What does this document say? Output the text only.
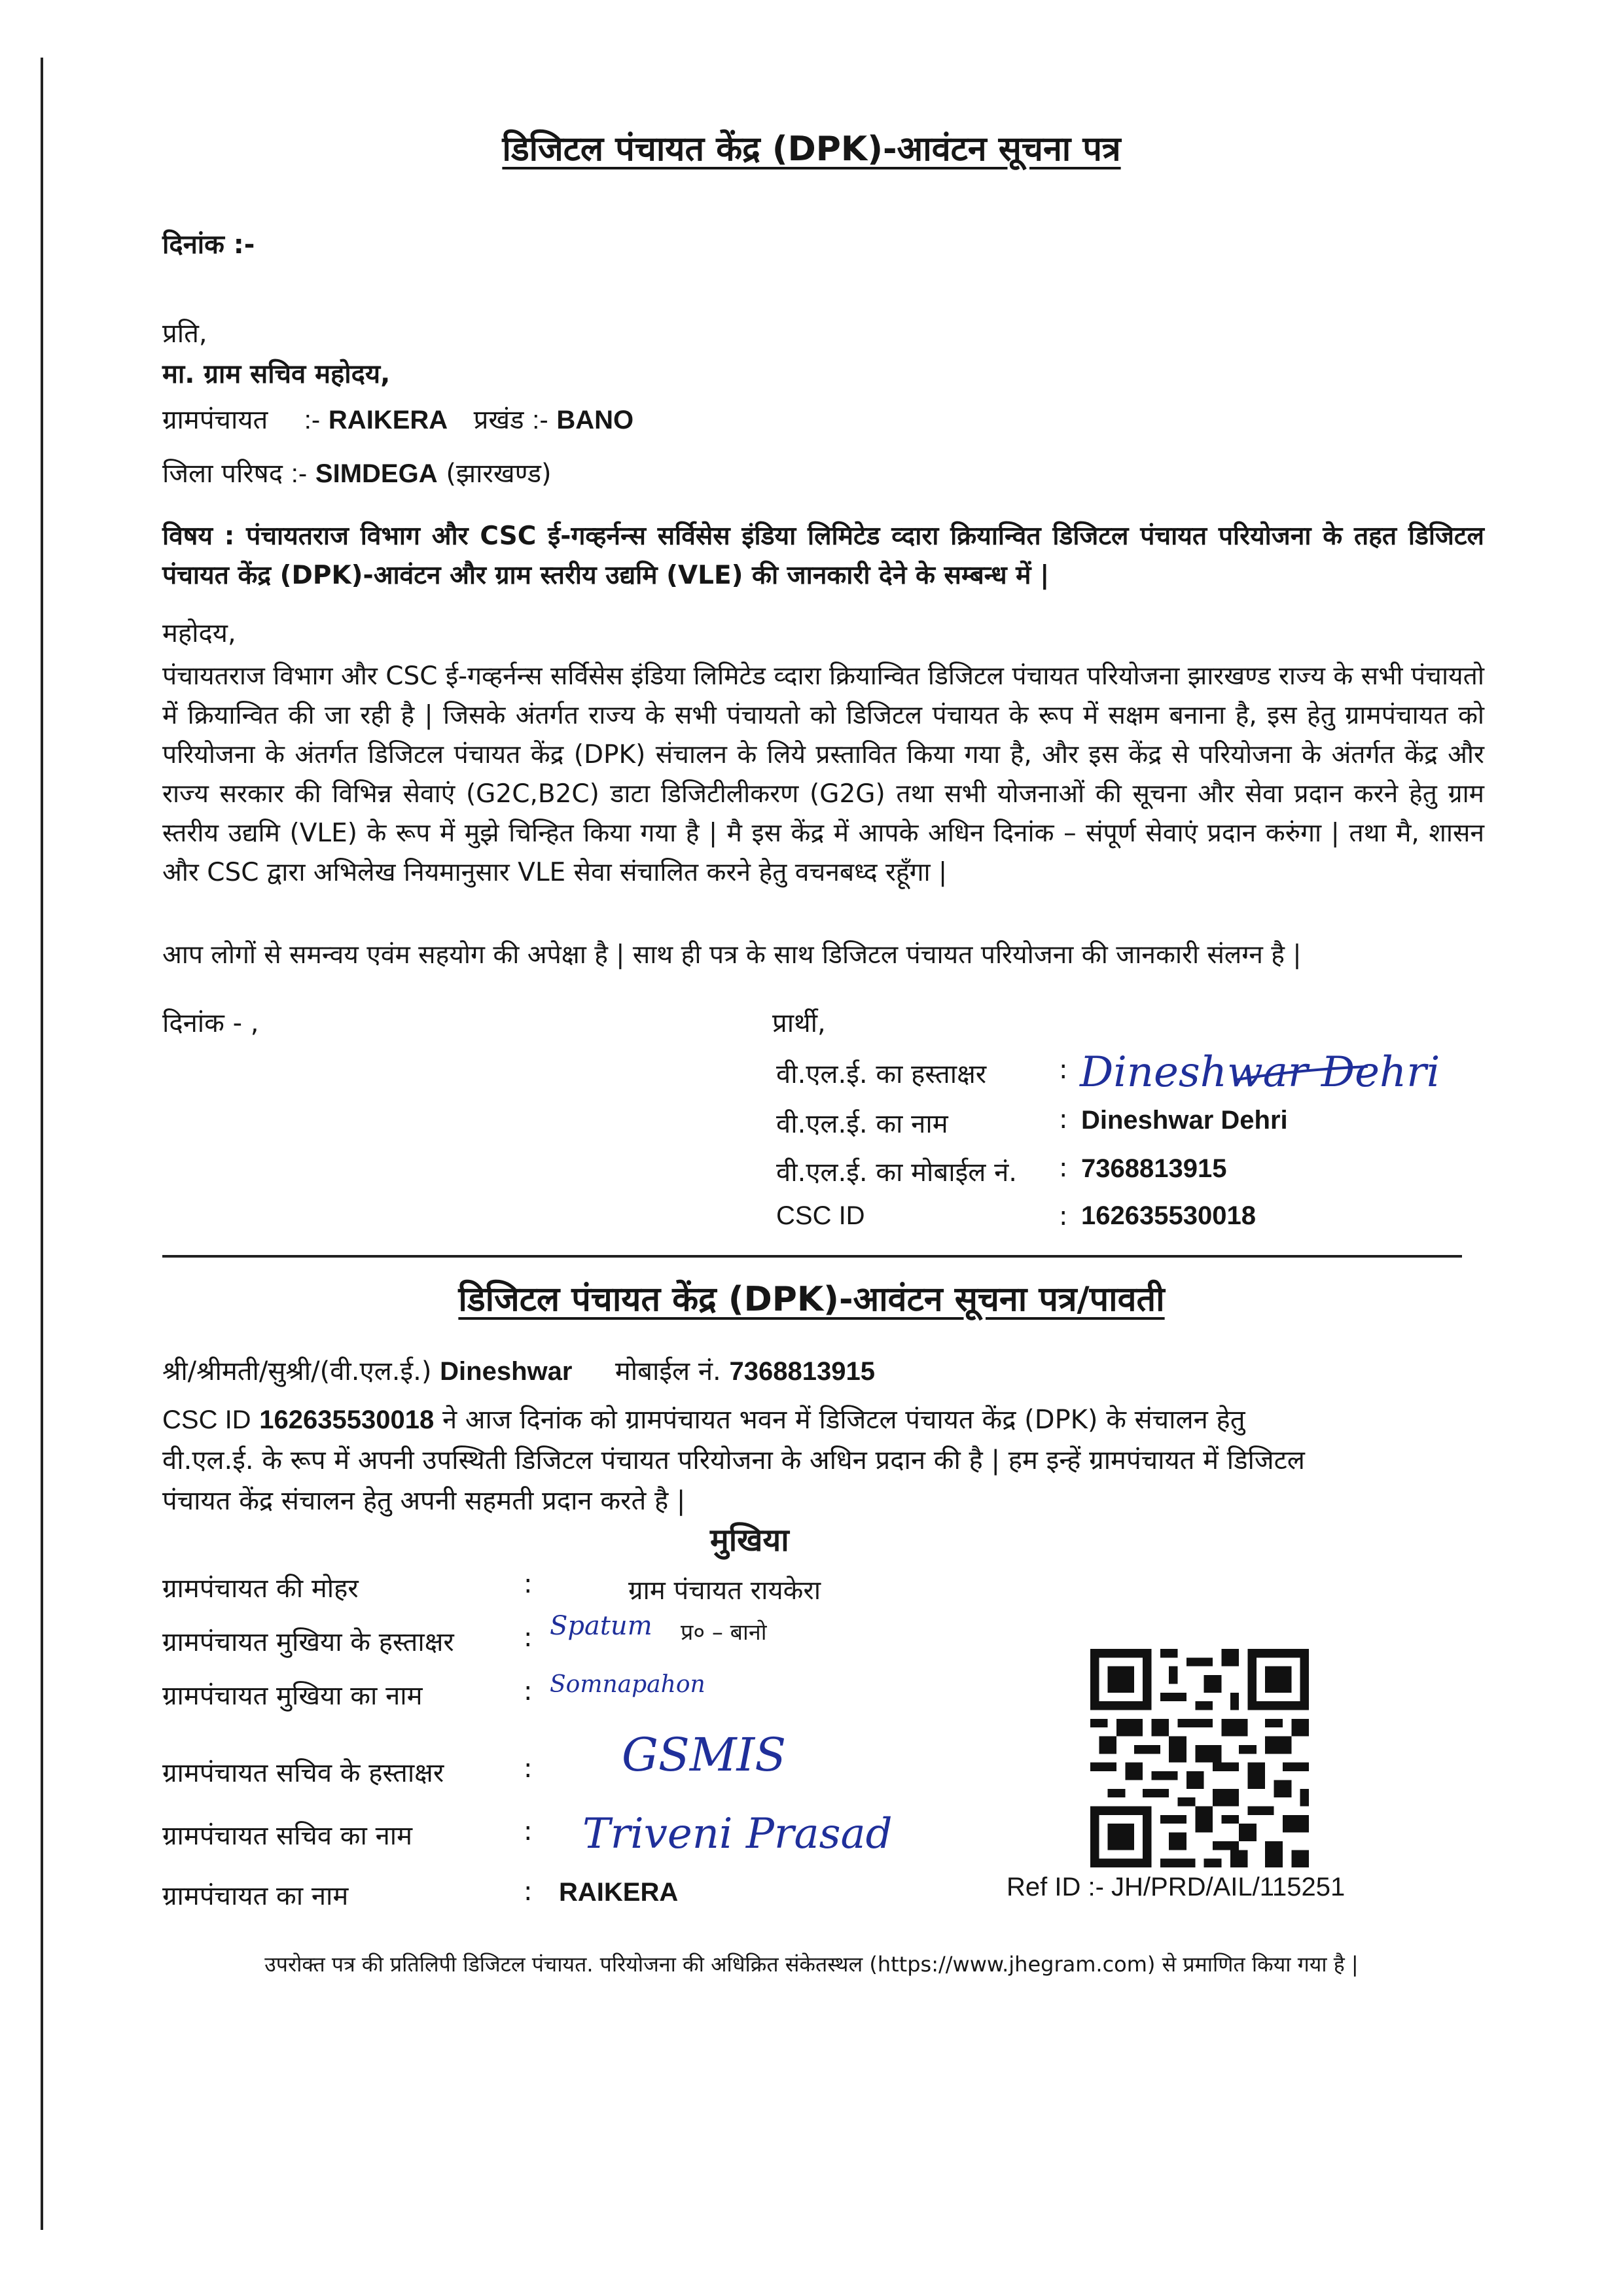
डिजिटल पंचायत केंद्र (DPK)-आवंटन सूचना पत्र
दिनांक :-
प्रति,
मा. ग्राम सचिव महोदय,
ग्रामपंचायत :- RAIKERA प्रखंड :- BANO
जिला परिषद :- SIMDEGA (झारखण्ड)
विषय : पंचायतराज विभाग और CSC ई-गव्हर्नन्स सर्विसेस इंडिया लिमिटेड व्दारा क्रियान्वित डिजिटल पंचायत परियोजना के तहत डिजिटल पंचायत केंद्र (DPK)-आवंटन और ग्राम स्तरीय उद्यमि (VLE) की जानकारी देने के सम्बन्ध में |
महोदय,
पंचायतराज विभाग और CSC ई-गव्हर्नन्स सर्विसेस इंडिया लिमिटेड व्दारा क्रियान्वित डिजिटल पंचायत परियोजना झारखण्ड राज्य के सभी पंचायतो में क्रियान्वित की जा रही है | जिसके अंतर्गत राज्य के सभी पंचायतो को डिजिटल पंचायत के रूप में सक्षम बनाना है, इस हेतु ग्रामपंचायत को परियोजना के अंतर्गत डिजिटल पंचायत केंद्र (DPK) संचालन के लिये प्रस्तावित किया गया है, और इस केंद्र से परियोजना के अंतर्गत केंद्र और राज्य सरकार की विभिन्न सेवाएं (G2C,B2C) डाटा डिजिटीलीकरण (G2G) तथा सभी योजनाओं की सूचना और सेवा प्रदान करने हेतु ग्राम स्तरीय उद्यमि (VLE) के रूप में मुझे चिन्हित किया गया है | मै इस केंद्र में आपके अधिन दिनांक – संपूर्ण सेवाएं प्रदान करुंगा | तथा मै, शासन और CSC द्वारा अभिलेख नियमानुसार VLE सेवा संचालित करने हेतु वचनबध्द रहूँगा |
आप लोगों से समन्वय एवंम सहयोग की अपेक्षा है | साथ ही पत्र के साथ डिजिटल पंचायत परियोजना की जानकारी संलग्न है |
दिनांक - ,	प्रार्थी,
वी.एल.ई. का हस्ताक्षर	: Dineshwar Dehri
वी.एल.ई. का नाम	: Dineshwar Dehri
वी.एल.ई. का मोबाईल नं. : 7368813915
CSC ID	: 162635530018
डिजिटल पंचायत केंद्र (DPK)-आवंटन सूचना पत्र/पावती
श्री/श्रीमती/सुश्री/(वी.एल.ई.) Dineshwar मोबाईल नं. 7368813915
CSC ID 162635530018 ने आज दिनांक को ग्रामपंचायत भवन में डिजिटल पंचायत केंद्र (DPK) के संचालन हेतु
वी.एल.ई. के रूप में अपनी उपस्थिती डिजिटल पंचायत परियोजना के अधिन प्रदान की है | हम इन्हें ग्रामपंचायत में डिजिटल
पंचायत केंद्र संचालन हेतु अपनी सहमती प्रदान करते है |
मुखिया
ग्राम पंचायत रायकेरा
प्र० – बानो
ग्रामपंचायत की मोहर	:
ग्रामपंचायत मुखिया के हस्ताक्षर	: Spatum
ग्रामपंचायत मुखिया का नाम	: Somnapahon
ग्रामपंचायत सचिव के हस्ताक्षर	: GSMIS
ग्रामपंचायत सचिव का नाम	: Triveni Prasad
ग्रामपंचायत का नाम	: RAIKERA	Ref ID :- JH/PRD/AIL/115251
उपरोक्त पत्र की प्रतिलिपी डिजिटल पंचायत. परियोजना की अधिक्रित संकेतस्थल (https://www.jhegram.com) से प्रमाणित किया गया है |
